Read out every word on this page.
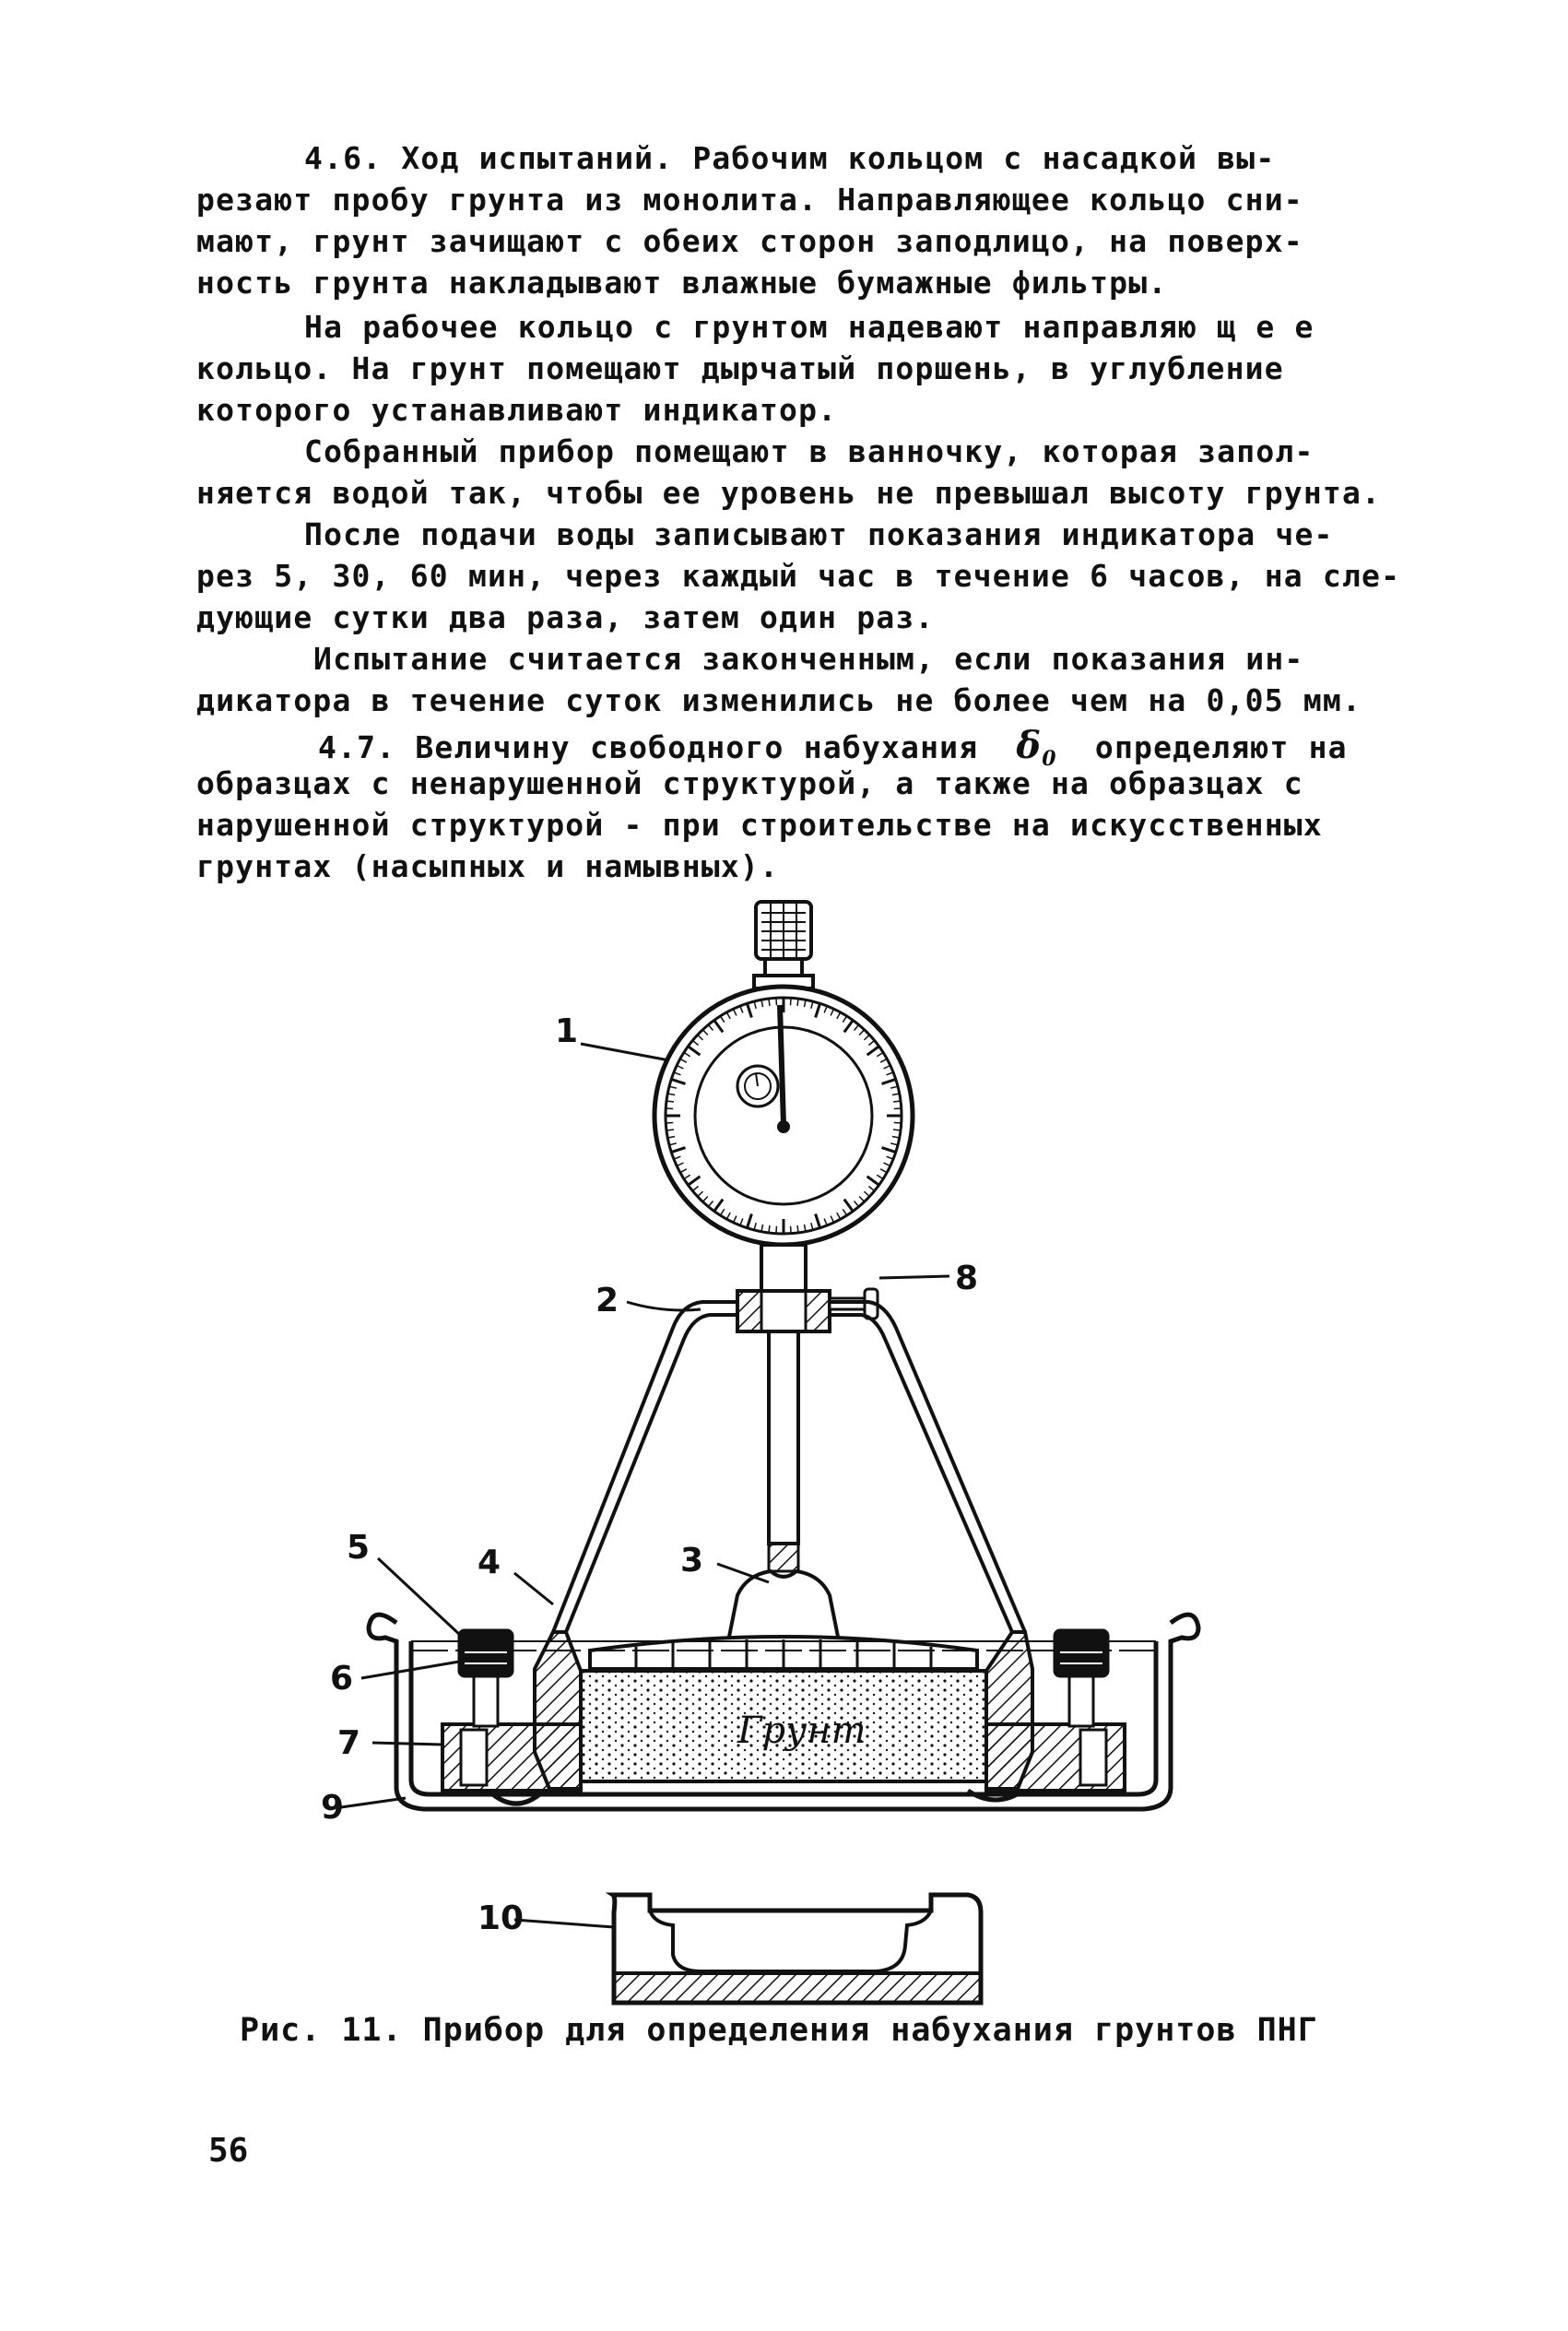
4.6. Ход испытаний. Рабочим кольцом с насадкой вы-
резают пробу грунта из монолита. Направляющее кольцо сни-
мают, грунт зачищают с обеих сторон заподлицо, на поверх-
ность грунта накладывают влажные бумажные фильтры.
На рабочее кольцо с грунтом надевают направляю щ е е
кольцо. На грунт помещают дырчатый поршень, в углубление
которого устанавливают индикатор.
Собранный прибор помещают в ванночку, которая запол-
няется водой так, чтобы ее уровень не превышал высоту грунта.
После подачи воды записывают показания индикатора че-
рез 5, 30, 60 мин, через каждый час в течение 6 часов, на сле-
дующие сутки два раза, затем один раз.
Испытание считается законченным, если показания ин-
дикатора в течение суток изменились не более чем на 0,05 мм.
4.7. Величину свободного набухания $\delta_0$ определяют на
образцах с ненарушенной структурой, а также на образцах с
нарушенной структурой - при строительстве на искусственных
грунтах (насыпных и намывных).
Грунт
1
2
3
4
5
6
7
8
9
10
Рис. 11. Прибор для определения набухания грунтов ПНГ
56
